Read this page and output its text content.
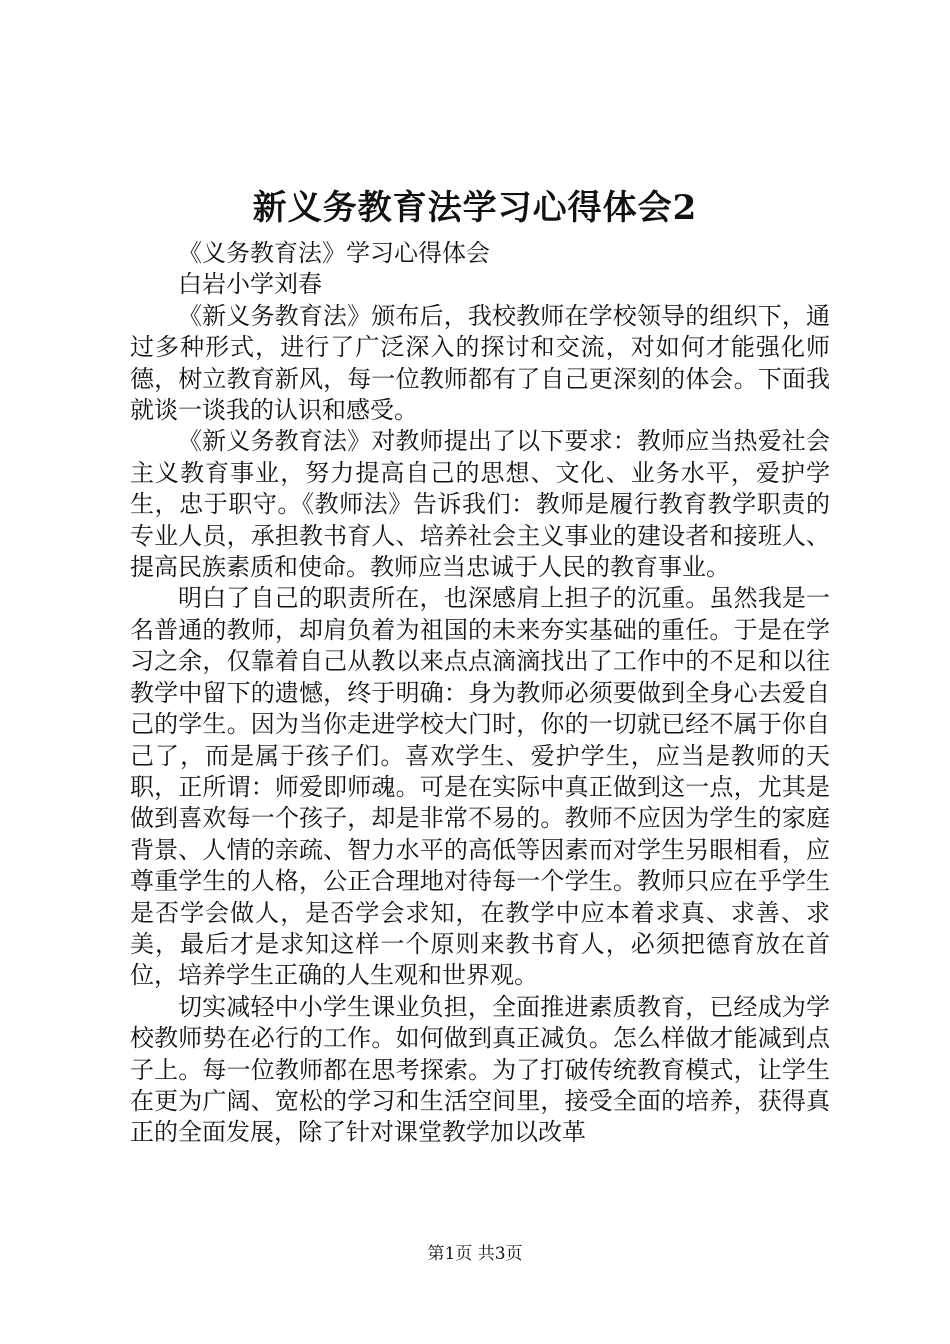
新义务教育法学习心得体会2

《义务教育法》学习心得体会

白岩小学刘春

《新义务教育法》颁布后，我校教师在学校领导的组织下，通过多种形式，进行了广泛深入的探讨和交流，对如何才能强化师德，树立教育新风，每一位教师都有了自己更深刻的体会。下面我就谈一谈我的认识和感受。

《新义务教育法》对教师提出了以下要求：教师应当热爱社会主义教育事业，努力提高自己的思想、文化、业务水平，爱护学生，忠于职守。《教师法》告诉我们：教师是履行教育教学职责的专业人员，承担教书育人、培养社会主义事业的建设者和接班人、提高民族素质和使命。教师应当忠诚于人民的教育事业。

明白了自己的职责所在，也深感肩上担子的沉重。虽然我是一名普通的教师，却肩负着为祖国的未来夯实基础的重任。于是在学习之余，仅靠着自己从教以来点点滴滴找出了工作中的不足和以往教学中留下的遗憾，终于明确：身为教师必须要做到全身心去爱自己的学生。因为当你走进学校大门时，你的一切就已经不属于你自己了，而是属于孩子们。喜欢学生、爱护学生，应当是教师的天职，正所谓：师爱即师魂。可是在实际中真正做到这一点，尤其是做到喜欢每一个孩子，却是非常不易的。教师不应因为学生的家庭背景、人情的亲疏、智力水平的高低等因素而对学生另眼相看，应尊重学生的人格，公正合理地对待每一个学生。教师只应在乎学生是否学会做人，是否学会求知，在教学中应本着求真、求善、求美，最后才是求知这样一个原则来教书育人，必须把德育放在首位，培养学生正确的人生观和世界观。

切实减轻中小学生课业负担，全面推进素质教育，已经成为学校教师势在必行的工作。如何做到真正减负。怎么样做才能减到点子上。每一位教师都在思考探索。为了打破传统教育模式，让学生在更为广阔、宽松的学习和生活空间里，接受全面的培养，获得真正的全面发展，除了针对课堂教学加以改革

第1页 共3页
